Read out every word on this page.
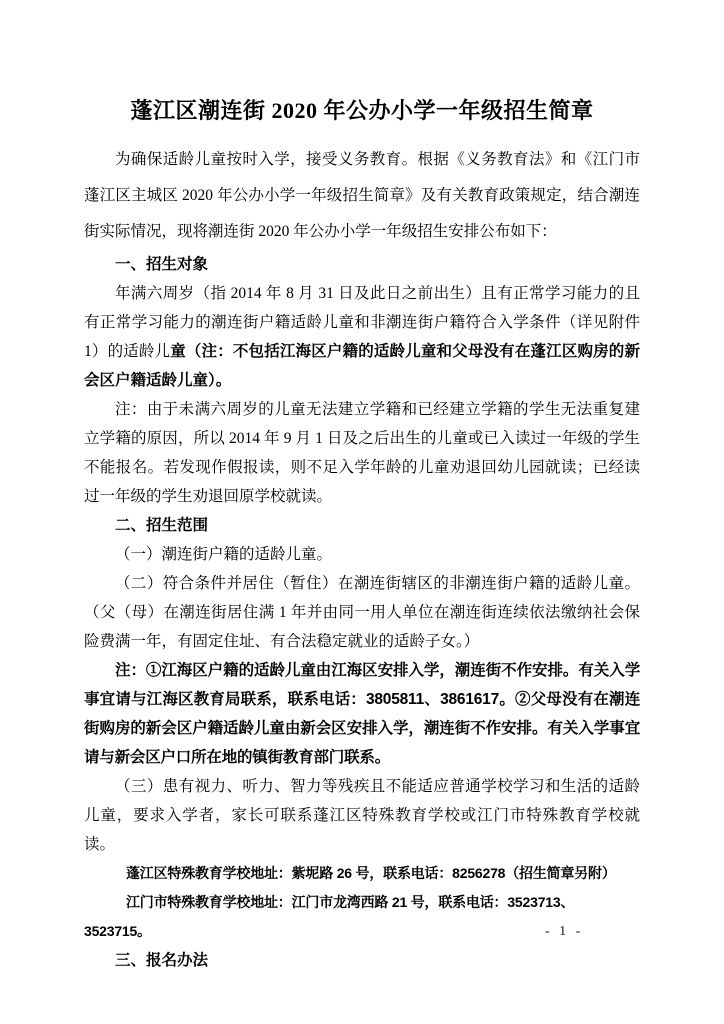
蓬江区潮连街 2020 年公办小学一年级招生简章

为确保适龄儿童按时入学，接受义务教育。根据《义务教育法》和《江门市蓬江区主城区 2020 年公办小学一年级招生简章》及有关教育政策规定，结合潮连街实际情况，现将潮连街 2020 年公办小学一年级招生安排公布如下：

一、招生对象

年满六周岁（指 2014 年 8 月 31 日及此日之前出生）且有正常学习能力的且有正常学习能力的潮连街户籍适龄儿童和非潮连街户籍符合入学条件（详见附件 1）的适龄儿童（注：不包括江海区户籍的适龄儿童和父母没有在蓬江区购房的新会区户籍适龄儿童）。

注：由于未满六周岁的儿童无法建立学籍和已经建立学籍的学生无法重复建立学籍的原因，所以 2014 年 9 月 1 日及之后出生的儿童或已入读过一年级的学生不能报名。若发现作假报读，则不足入学年龄的儿童劝退回幼儿园就读；已经读过一年级的学生劝退回原学校就读。

二、招生范围

（一）潮连街户籍的适龄儿童。

（二）符合条件并居住（暂住）在潮连街辖区的非潮连街户籍的适龄儿童。（父（母）在潮连街居住满 1 年并由同一用人单位在潮连街连续依法缴纳社会保险费满一年，有固定住址、有合法稳定就业的适龄子女。）

注：①江海区户籍的适龄儿童由江海区安排入学，潮连街不作安排。有关入学事宜请与江海区教育局联系，联系电话：3805811、3861617。②父母没有在潮连街购房的新会区户籍适龄儿童由新会区安排入学，潮连街不作安排。有关入学事宜请与新会区户口所在地的镇街教育部门联系。

（三）患有视力、听力、智力等残疾且不能适应普通学校学习和生活的适龄儿童，要求入学者，家长可联系蓬江区特殊教育学校或江门市特殊教育学校就读。

蓬江区特殊教育学校地址：紫坭路 26 号，联系电话：8256278（招生简章另附）

江门市特殊教育学校地址：江门市龙湾西路 21 号，联系电话：3523713、3523715。

三、报名办法

- 1 -
